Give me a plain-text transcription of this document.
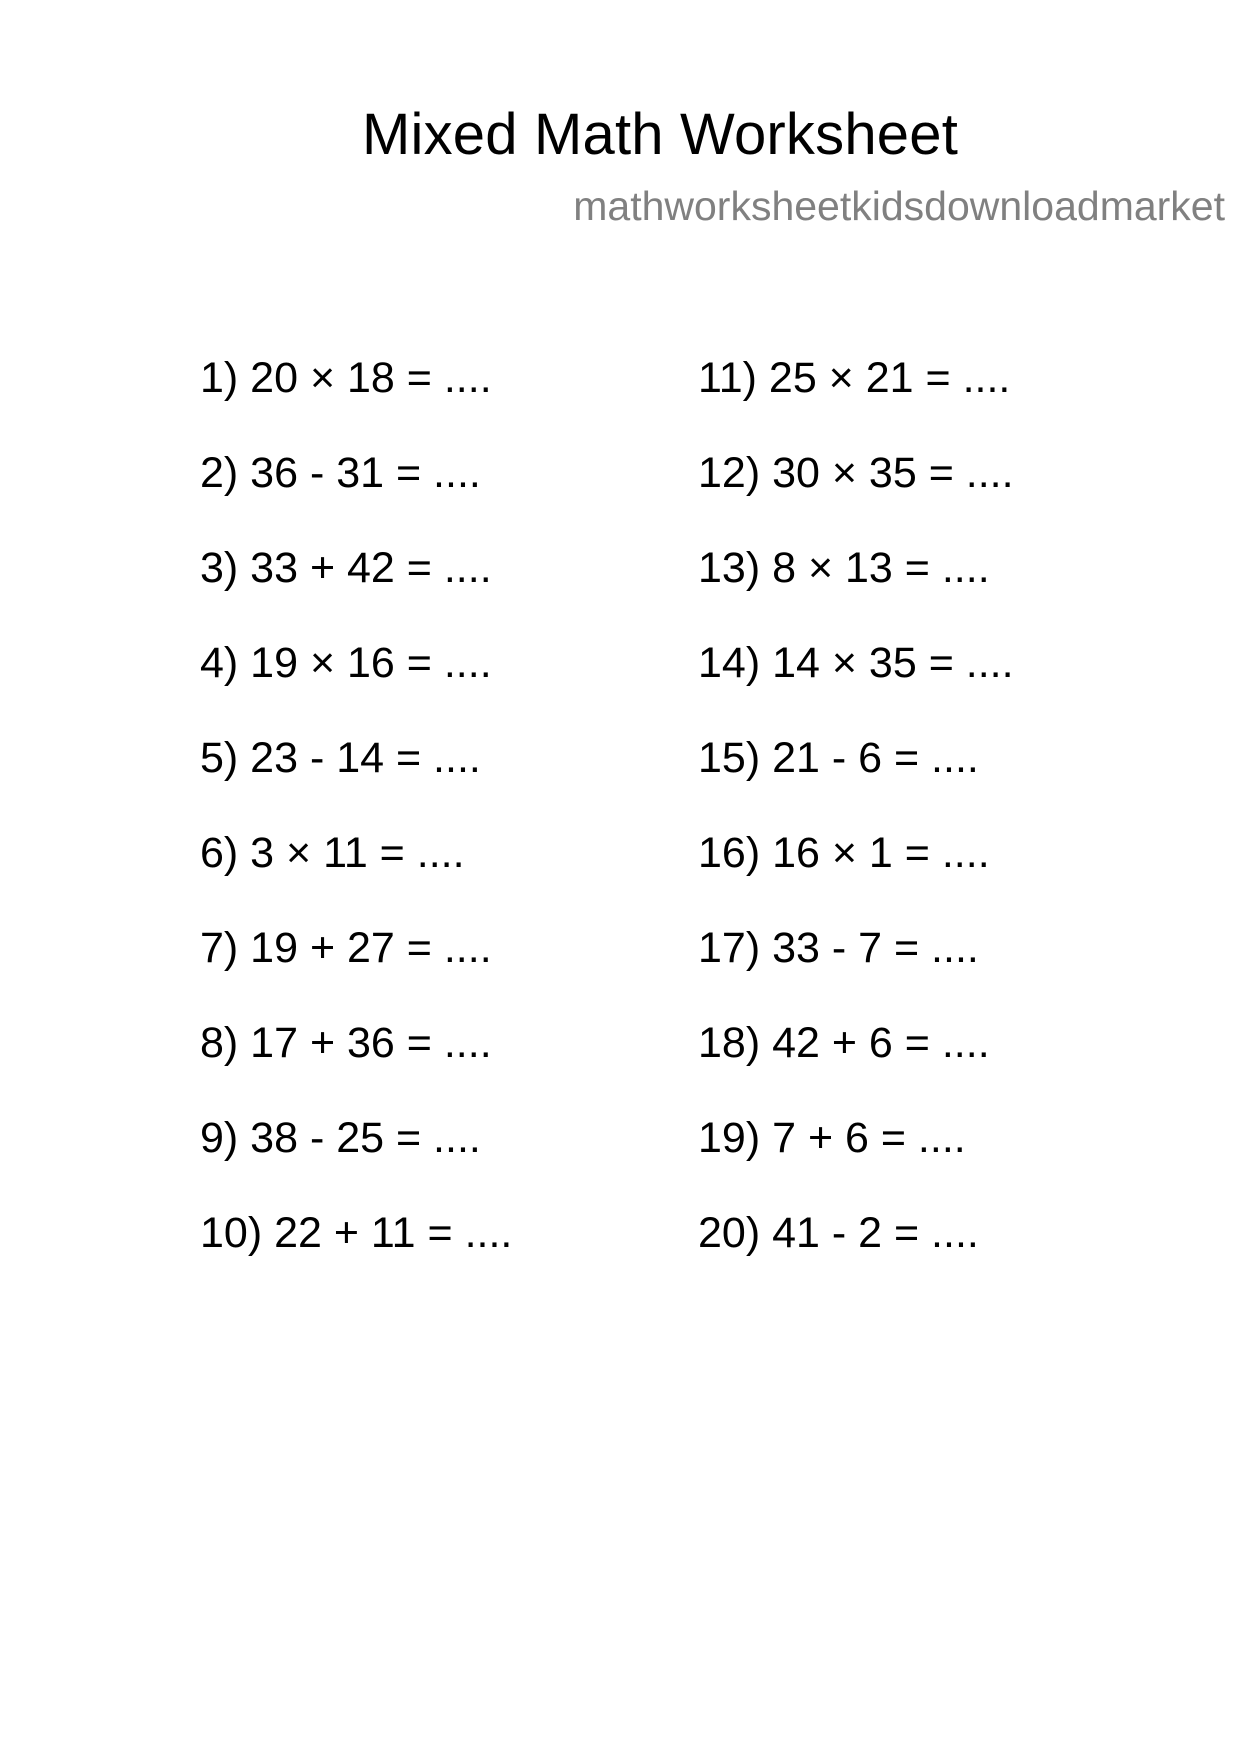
Mixed Math Worksheet
mathworksheetkidsdownloadmarket
1) 20 × 18 = ....
2) 36 - 31 = ....
3) 33 + 42 = ....
4) 19 × 16 = ....
5) 23 - 14 = ....
6) 3 × 11 = ....
7) 19 + 27 = ....
8) 17 + 36 = ....
9) 38 - 25 = ....
10) 22 + 11 = ....
11) 25 × 21 = ....
12) 30 × 35 = ....
13) 8 × 13 = ....
14) 14 × 35 = ....
15) 21 - 6 = ....
16) 16 × 1 = ....
17) 33 - 7 = ....
18) 42 + 6 = ....
19) 7 + 6 = ....
20) 41 - 2 = ....
